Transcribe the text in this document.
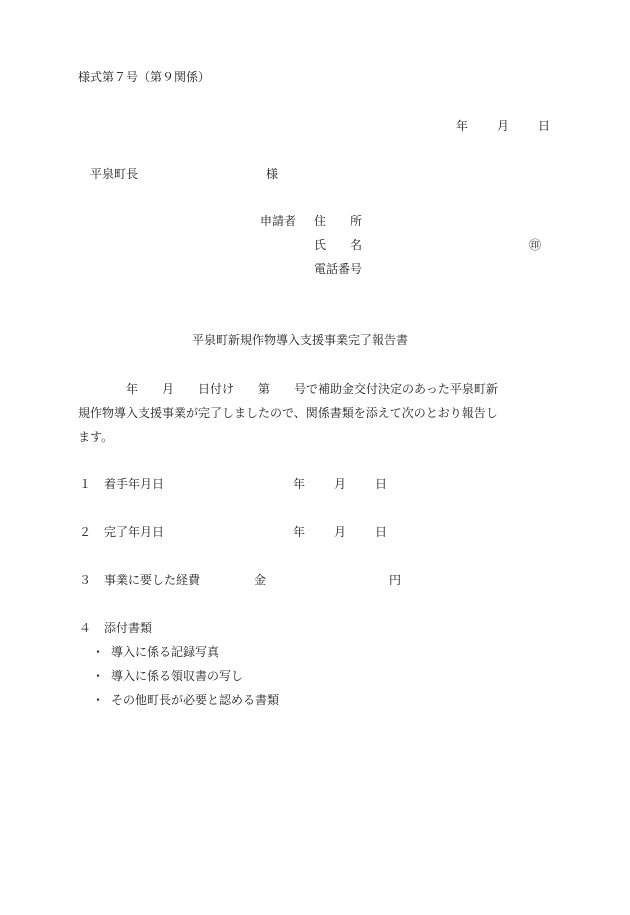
様式第７号（第９関係）
年 月 日
平泉町長	様
申請者 住　　所
氏　　名	㊞
電話番号
平泉町新規作物導入支援事業完了報告書
　　　　年　　月　　日付け　　第　　号で補助金交付決定のあった平泉町新
規作物導入支援事業が完了しましたので、関係書類を添えて次のとおり報告し
ます。
１ 着手年月日	年 月 日
２ 完了年月日	年 月 日
３ 事業に要した経費	金	円
４ 添付書類
・ 導入に係る記録写真
・ 導入に係る領収書の写し
・ その他町長が必要と認める書類
